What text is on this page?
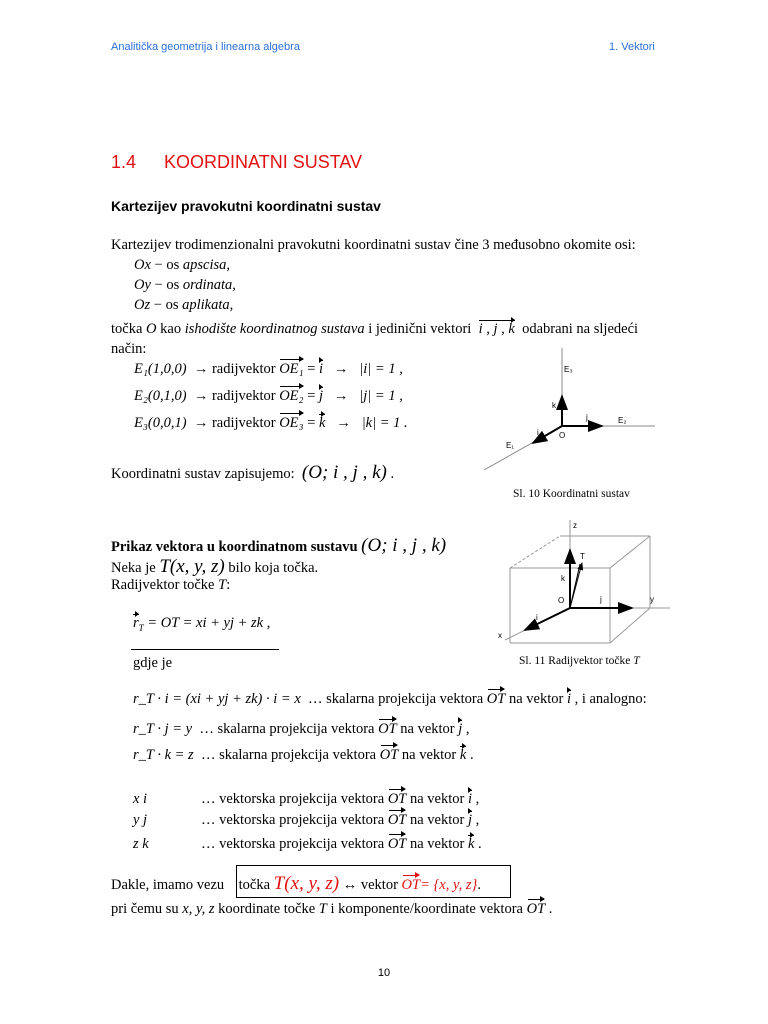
Analitička geometrija i linearna algebra	1. Vektori
1.4 KOORDINATNI SUSTAV
Kartezijev pravokutni koordinatni sustav
Kartezijev trodimenzionalni pravokutni koordinatni sustav čine 3 međusobno okomite osi:
Ox − os apscisa,
Oy − os ordinata,
Oz − os aplikata,
točka O kao ishodište koordinatnog sustava i jedinični vektori i , j , k odabrani na sljedeći
način:
E₁(1,0,0) → radijvektor OE₁ = i → |i| = 1 ,
E₂(0,1,0) → radijvektor OE₂ = j → |j| = 1 ,
E₃(0,0,1) → radijvektor OE₃ = k → |k| = 1 .
Koordinatni sustav zapisujemo: (O; i , j , k) .
E₃
k
j	E₂
i	O
E₁
Sl. 10 Koordinatni sustav
Prikaz vektora u koordinatnom sustavu (O; i , j , k)
Neka je T(x, y, z) bilo koja točka.
Radijvektor točke T:
$r_T$ = OT = xi + yj + zk ,
gdje je
z
T
k
O	j	y
i
x
Sl. 11 Radijvektor točke T
r_T · i = (xi + yj + zk) · i = x … skalarna projekcija vektora OT na vektor i , i analogno:
r_T · j = y … skalarna projekcija vektora OT na vektor j ,
r_T · k = z … skalarna projekcija vektora OT na vektor k .
x i	… vektorska projekcija vektora OT na vektor i ,
y j	… vektorska projekcija vektora OT na vektor j ,
z k	… vektorska projekcija vektora OT na vektor k .
Dakle, imamo vezu točka T(x, y, z) ↔ vektor OT= {x, y, z}.
pri čemu su x, y, z koordinate točke T i komponente/koordinate vektora OT .
10
